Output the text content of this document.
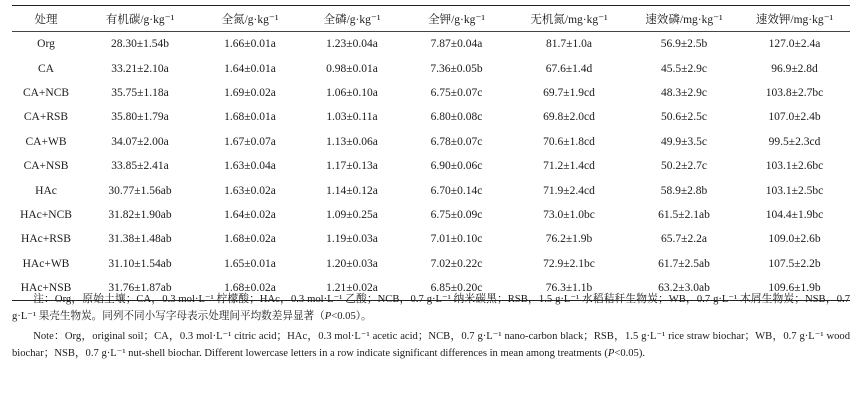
处理	有机碳/g·kg⁻¹	全氮/g·kg⁻¹	全磷/g·kg⁻¹	全钾/g·kg⁻¹	无机氮/mg·kg⁻¹	速效磷/mg·kg⁻¹	速效钾/mg·kg⁻¹
Org	28.30±1.54b	1.66±0.01a	1.23±0.04a	7.87±0.04a	81.7±1.0a	56.9±2.5b	127.0±2.4a
CA	33.21±2.10a	1.64±0.01a	0.98±0.01a	7.36±0.05b	67.6±1.4d	45.5±2.9c	96.9±2.8d
CA+NCB	35.75±1.18a	1.69±0.02a	1.06±0.10a	6.75±0.07c	69.7±1.9cd	48.3±2.9c	103.8±2.7bc
CA+RSB	35.80±1.79a	1.68±0.01a	1.03±0.11a	6.80±0.08c	69.8±2.0cd	50.6±2.5c	107.0±2.4b
CA+WB	34.07±2.00a	1.67±0.07a	1.13±0.06a	6.78±0.07c	70.6±1.8cd	49.9±3.5c	99.5±2.3cd
CA+NSB	33.85±2.41a	1.63±0.04a	1.17±0.13a	6.90±0.06c	71.2±1.4cd	50.2±2.7c	103.1±2.6bc
HAc	30.77±1.56ab	1.63±0.02a	1.14±0.12a	6.70±0.14c	71.9±2.4cd	58.9±2.8b	103.1±2.5bc
HAc+NCB	31.82±1.90ab	1.64±0.02a	1.09±0.25a	6.75±0.09c	73.0±1.0bc	61.5±2.1ab	104.4±1.9bc
HAc+RSB	31.38±1.48ab	1.68±0.02a	1.19±0.03a	7.01±0.10c	76.2±1.9b	65.7±2.2a	109.0±2.6b
HAc+WB	31.10±1.54ab	1.65±0.01a	1.20±0.03a	7.02±0.22c	72.9±2.1bc	61.7±2.5ab	107.5±2.2b
HAc+NSB	31.76±1.87ab	1.68±0.02a	1.21±0.02a	6.85±0.20c	76.3±1.1b	63.2±3.0ab	109.6±1.9b

注：Org，原始土壤；CA，0.3 mol·L⁻¹ 柠檬酸；HAc，0.3 mol·L⁻¹ 乙酸；NCB，0.7 g·L⁻¹ 纳米碳黑；RSB，1.5 g·L⁻¹ 水稻秸秆生物炭；WB，0.7 g·L⁻¹ 木屑生物炭；NSB，0.7 g·L⁻¹ 果壳生物炭。同列不同小写字母表示处理间平均数差异显著（P<0.05）。

Note：Org，original soil；CA，0.3 mol·L⁻¹ citric acid；HAc，0.3 mol·L⁻¹ acetic acid；NCB，0.7 g·L⁻¹ nano-carbon black；RSB，1.5 g·L⁻¹ rice straw biochar；WB，0.7 g·L⁻¹ wood biochar；NSB，0.7 g·L⁻¹ nut-shell biochar. Different lowercase letters in a row indicate significant differences in mean among treatments (P<0.05).
